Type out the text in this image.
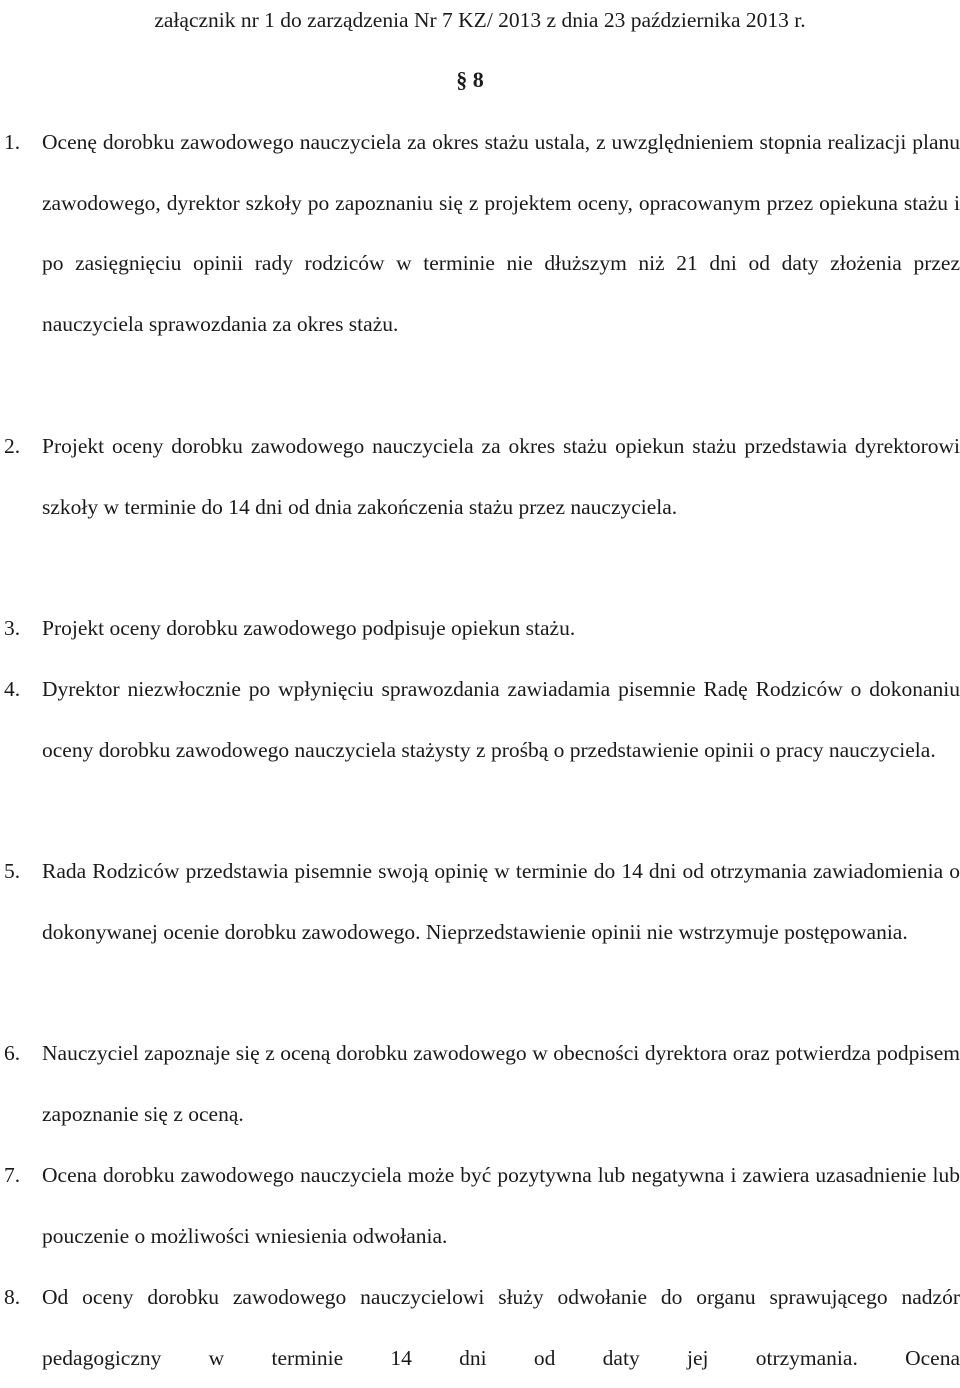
załącznik nr 1 do zarządzenia Nr 7 KZ/ 2013 z dnia 23 października 2013 r.
§ 8
1.	Ocenę dorobku zawodowego nauczyciela za okres stażu ustala, z uwzględnieniem stopnia realizacji planu zawodowego, dyrektor szkoły po zapoznaniu się z projektem oceny, opracowanym przez opiekuna stażu i po zasięgnięciu opinii rady rodziców w terminie nie dłuższym niż 21 dni od daty złożenia przez nauczyciela sprawozdania za okres stażu.
2.	Projekt oceny dorobku zawodowego nauczyciela za okres stażu opiekun stażu przedstawia dyrektorowi szkoły w terminie do 14 dni od dnia zakończenia stażu przez nauczyciela.
3.	Projekt oceny dorobku zawodowego podpisuje opiekun stażu.
4.	Dyrektor niezwłocznie po wpłynięciu sprawozdania zawiadamia pisemnie Radę Rodziców o dokonaniu oceny dorobku zawodowego nauczyciela stażysty z prośbą o przedstawienie opinii o pracy nauczyciela.
5.	Rada Rodziców przedstawia pisemnie swoją opinię w terminie do 14 dni od otrzymania zawiadomienia o dokonywanej ocenie dorobku zawodowego. Nieprzedstawienie opinii nie wstrzymuje postępowania.
6.	Nauczyciel zapoznaje się z oceną dorobku zawodowego w obecności dyrektora oraz potwierdza podpisem zapoznanie się z oceną.
7.	Ocena dorobku zawodowego nauczyciela może być pozytywna lub negatywna i zawiera uzasadnienie lub pouczenie o możliwości wniesienia odwołania.
8.	Od oceny dorobku zawodowego nauczycielowi służy odwołanie do organu sprawującego nadzór pedagogiczny w terminie 14 dni od daty jej otrzymania. Ocena
